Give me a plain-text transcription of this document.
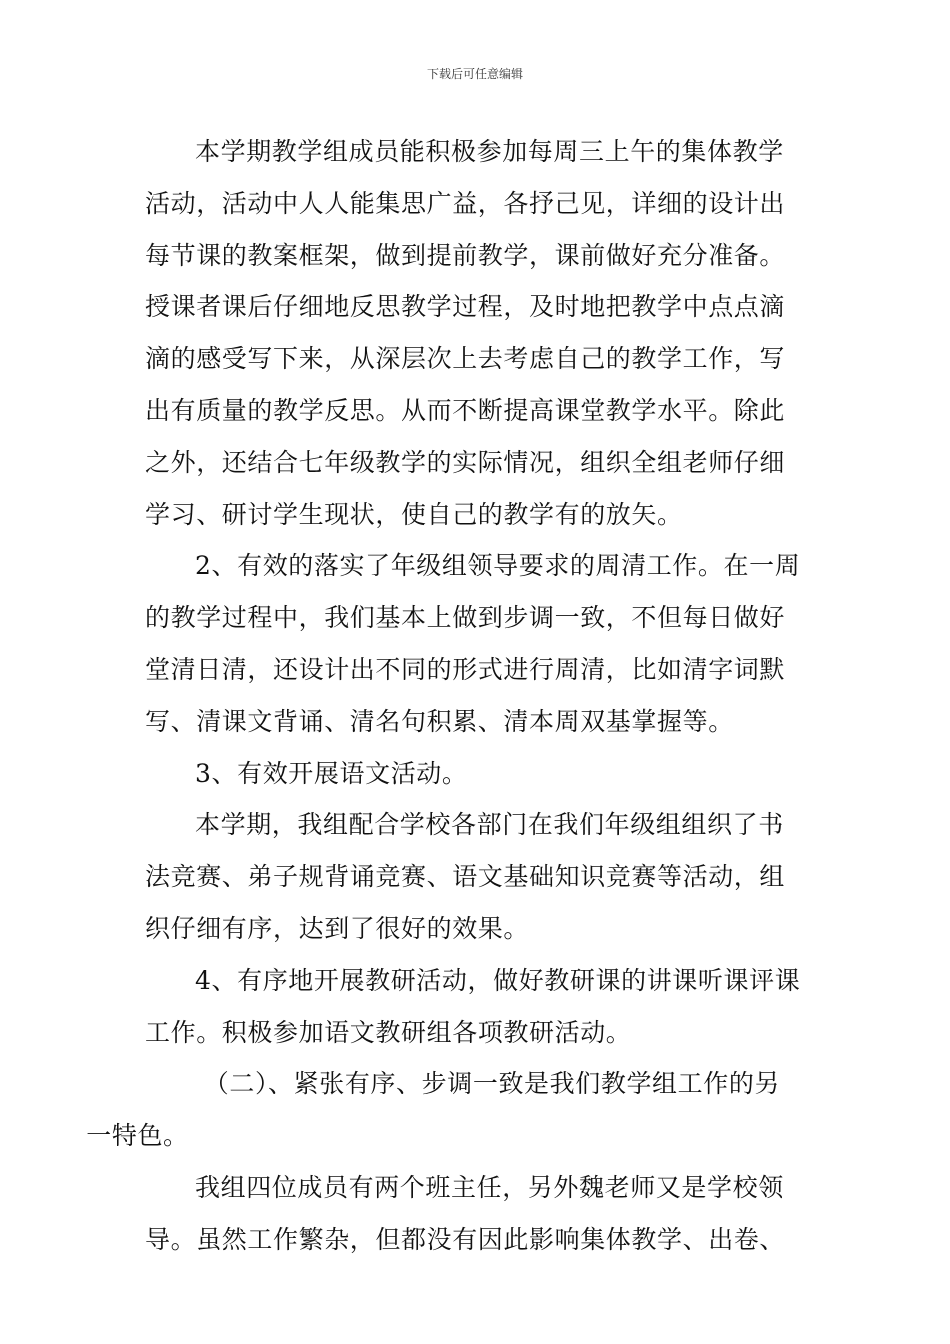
下载后可任意编辑

本学期教学组成员能积极参加每周三上午的集体教学
活动，活动中人人能集思广益，各抒己见，详细的设计出
每节课的教案框架，做到提前教学，课前做好充分准备。
授课者课后仔细地反思教学过程，及时地把教学中点点滴
滴的感受写下来，从深层次上去考虑自己的教学工作，写
出有质量的教学反思。从而不断提高课堂教学水平。除此
之外，还结合七年级教学的实际情况，组织全组老师仔细
学习、研讨学生现状，使自己的教学有的放矢。

2、有效的落实了年级组领导要求的周清工作。在一周
的教学过程中，我们基本上做到步调一致，不但每日做好
堂清日清，还设计出不同的形式进行周清，比如清字词默
写、清课文背诵、清名句积累、清本周双基掌握等。

3、有效开展语文活动。

本学期，我组配合学校各部门在我们年级组组织了书
法竞赛、弟子规背诵竞赛、语文基础知识竞赛等活动，组
织仔细有序，达到了很好的效果。

4、有序地开展教研活动，做好教研课的讲课听课评课
工作。积极参加语文教研组各项教研活动。

（二）、紧张有序、步调一致是我们教学组工作的另
一特色。

我组四位成员有两个班主任，另外魏老师又是学校领
导。虽然工作繁杂，但都没有因此影响集体教学、出卷、
